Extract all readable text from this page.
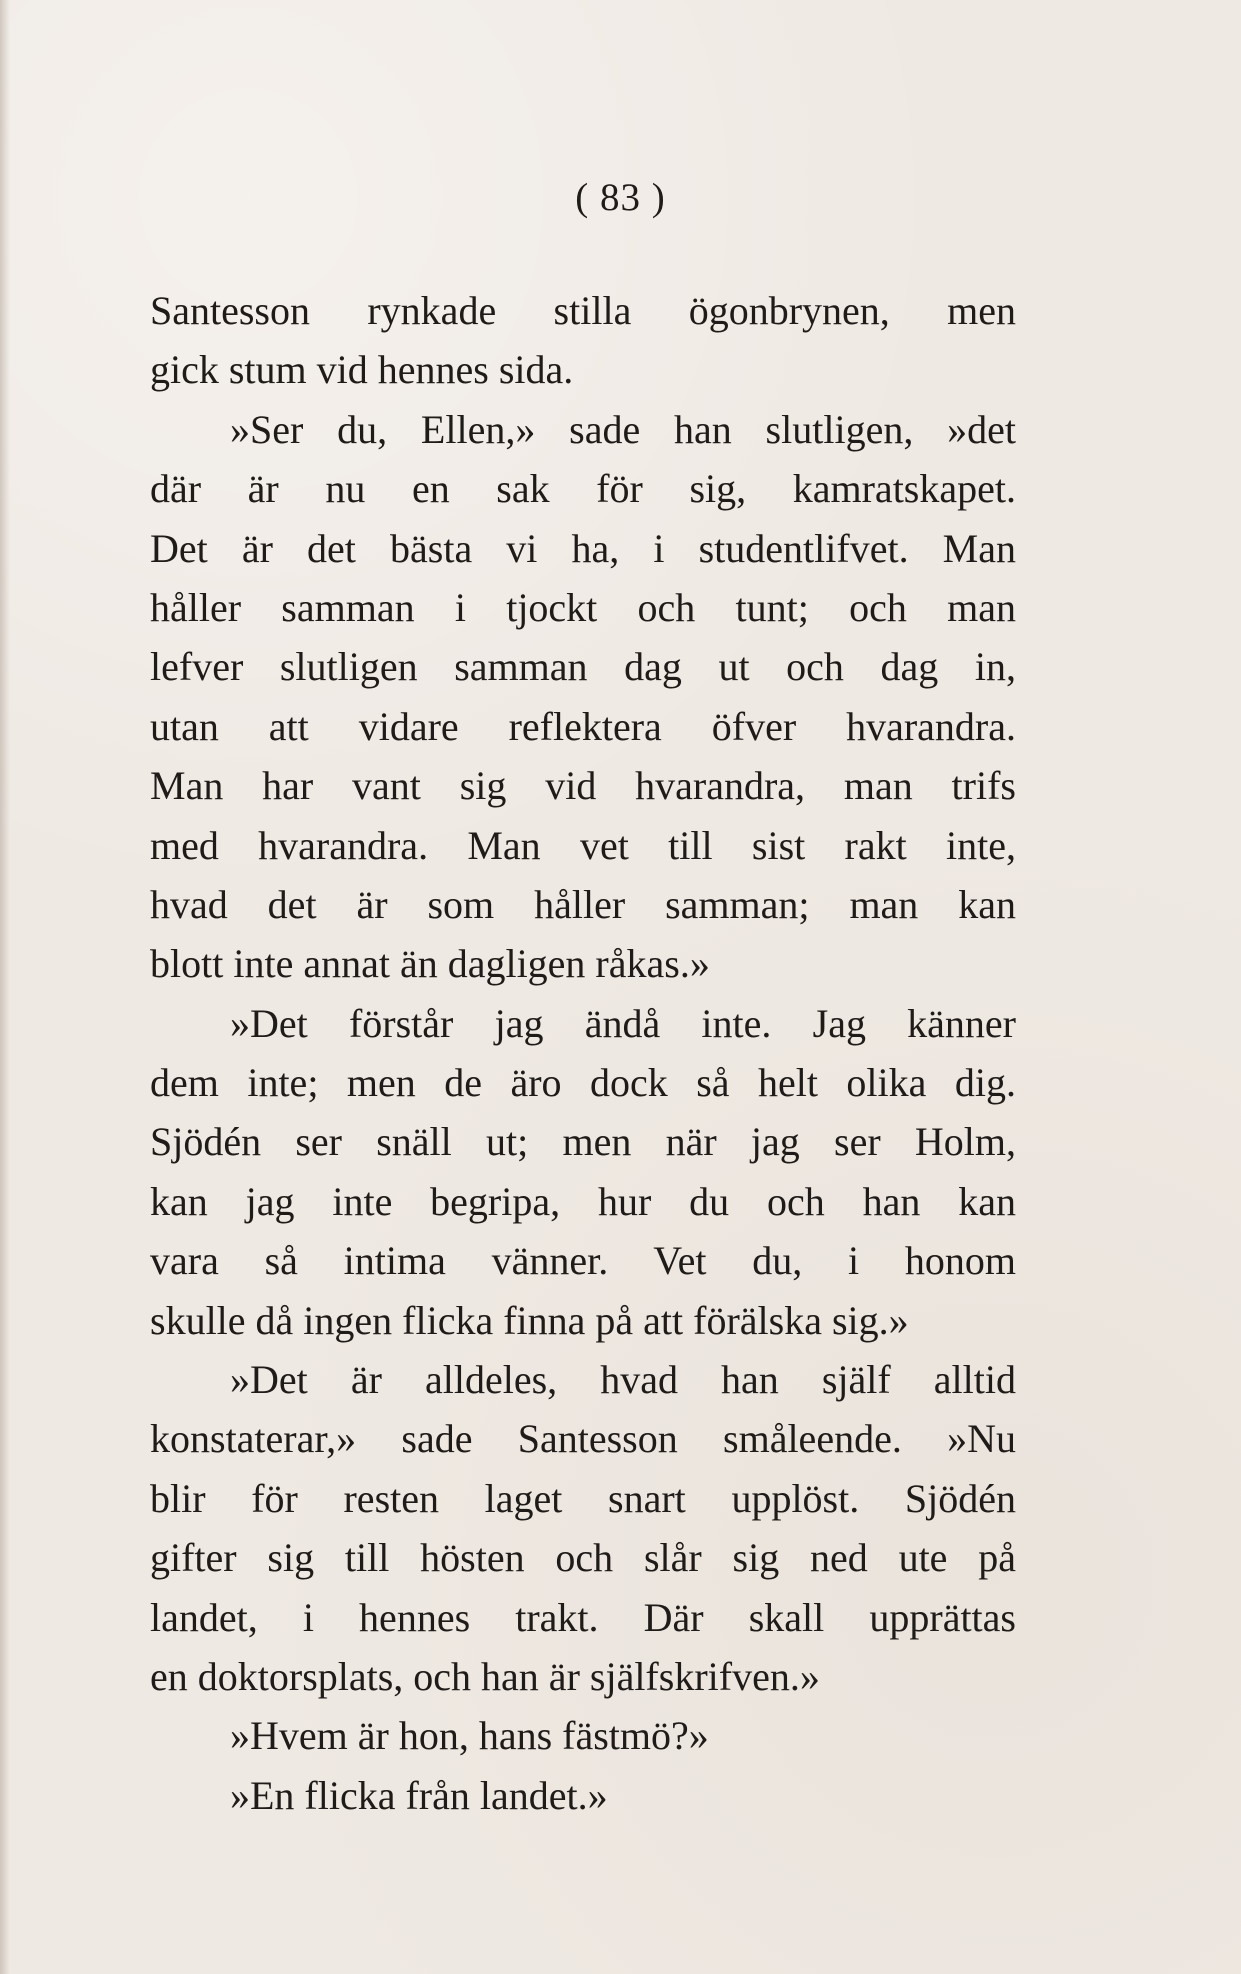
( 83 )
Santesson rynkade stilla ögonbrynen, men
gick stum vid hennes sida.
»Ser du, Ellen,» sade han slutligen, »det
där är nu en sak för sig, kamratskapet.
Det är det bästa vi ha, i studentlifvet. Man
håller samman i tjockt och tunt; och man
lefver slutligen samman dag ut och dag in,
utan att vidare reflektera öfver hvarandra.
Man har vant sig vid hvarandra, man trifs
med hvarandra. Man vet till sist rakt inte,
hvad det är som håller samman; man kan
blott inte annat än dagligen råkas.»
»Det förstår jag ändå inte. Jag känner
dem inte; men de äro dock så helt olika dig.
Sjödén ser snäll ut; men när jag ser Holm,
kan jag inte begripa, hur du och han kan
vara så intima vänner. Vet du, i honom
skulle då ingen flicka finna på att förälska sig.»
»Det är alldeles, hvad han själf alltid
konstaterar,» sade Santesson småleende. »Nu
blir för resten laget snart upplöst. Sjödén
gifter sig till hösten och slår sig ned ute på
landet, i hennes trakt. Där skall upprättas
en doktorsplats, och han är själfskrifven.»
»Hvem är hon, hans fästmö?»
»En flicka från landet.»
